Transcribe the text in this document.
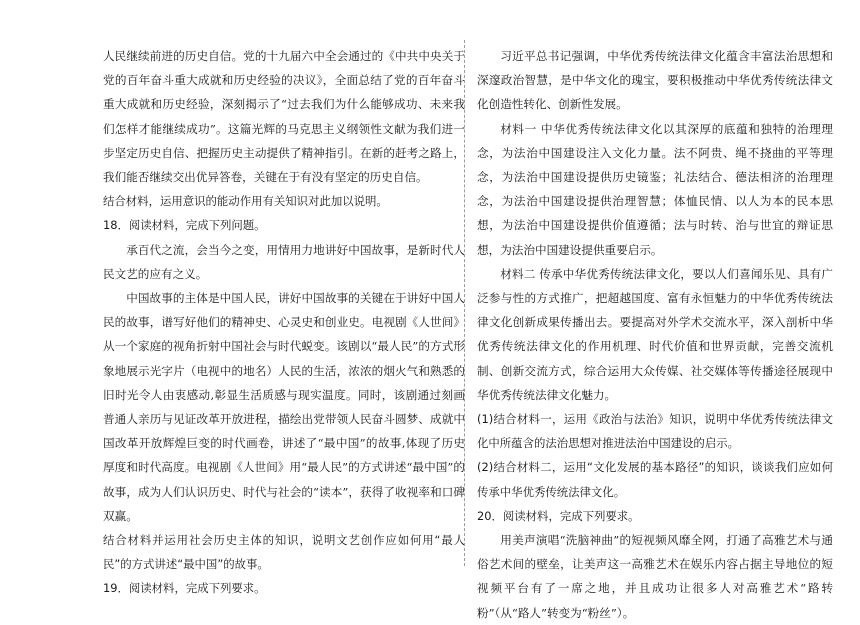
人民继续前进的历史自信。党的十九届六中全会通过的《中共中央关于党的百年奋斗重大成就和历史经验的决议》，全面总结了党的百年奋斗重大成就和历史经验，深刻揭示了“过去我们为什么能够成功、未来我们怎样才能继续成功”。这篇光辉的马克思主义纲领性文献为我们进一步坚定历史自信、把握历史主动提供了精神指引。在新的赶考之路上，我们能否继续交出优异答卷，关键在于有没有坚定的历史自信。

结合材料，运用意识的能动作用有关知识对此加以说明。

18．阅读材料，完成下列问题。

承百代之流，会当今之变，用情用力地讲好中国故事，是新时代人民文艺的应有之义。

中国故事的主体是中国人民，讲好中国故事的关键在于讲好中国人民的故事，谱写好他们的精神史、心灵史和创业史。电视剧《人世间》从一个家庭的视角折射中国社会与时代蜕变。该剧以“最人民”的方式形象地展示光字片（电视中的地名）人民的生活，浓浓的烟火气和熟悉的旧时光令人由衷感动,彰显生活质感与现实温度。同时，该剧通过刻画普通人亲历与见证改革开放进程，描绘出党带领人民奋斗圆梦、成就中国改革开放辉煌巨变的时代画卷，讲述了“最中国”的故事,体现了历史厚度和时代高度。电视剧《人世间》用“最人民”的方式讲述“最中国”的故事，成为人们认识历史、时代与社会的“读本”，获得了收视率和口碑双赢。

结合材料并运用社会历史主体的知识，说明文艺创作应如何用“最人民”的方式讲述“最中国”的故事。

19．阅读材料，完成下列要求。

习近平总书记强调，中华优秀传统法律文化蕴含丰富法治思想和深邃政治智慧，是中华文化的瑰宝，要积极推动中华优秀传统法律文化创造性转化、创新性发展。

材料一 中华优秀传统法律文化以其深厚的底蕴和独特的治理理念，为法治中国建设注入文化力量。法不阿贵、绳不挠曲的平等理念，为法治中国建设提供历史镜鉴；礼法结合、德法相济的治理理念，为法治中国建设提供治理智慧；体恤民情、以人为本的民本思想，为法治中国建设提供价值遵循；法与时转、治与世宜的辩证思想，为法治中国建设提供重要启示。

材料二 传承中华优秀传统法律文化，要以人们喜闻乐见、具有广泛参与性的方式推广，把超越国度、富有永恒魅力的中华优秀传统法律文化创新成果传播出去。要提高对外学术交流水平，深入剖析中华优秀传统法律文化的作用机理、时代价值和世界贡献，完善交流机制、创新交流方式，综合运用大众传媒、社交媒体等传播途径展现中华优秀传统法律文化魅力。

(1)结合材料一，运用《政治与法治》知识，说明中华优秀传统法律文化中所蕴含的法治思想对推进法治中国建设的启示。

(2)结合材料二，运用“文化发展的基本路径”的知识，谈谈我们应如何传承中华优秀传统法律文化。

20．阅读材料，完成下列要求。

用美声演唱“洗脑神曲”的短视频风靡全网，打通了高雅艺术与通俗艺术间的壁垒，让美声这一高雅艺术在娱乐内容占据主导地位的短视频平台有了一席之地，并且成功让很多人对高雅艺术“路转粉”（从“路人”转变为“粉丝”）。
